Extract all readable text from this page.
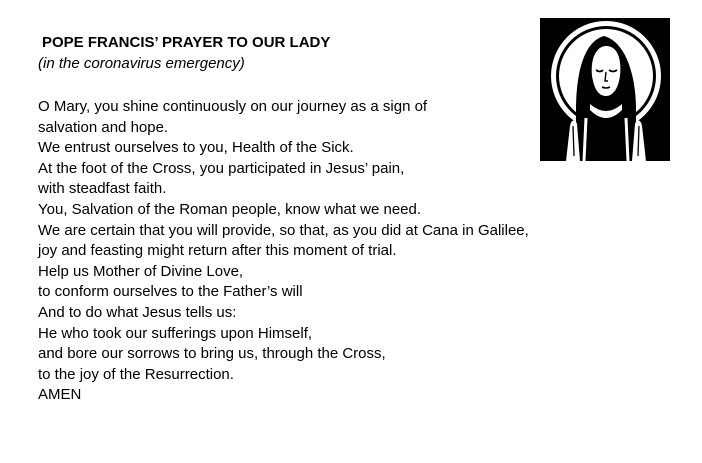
POPE FRANCIS’ PRAYER TO OUR LADY
(in the coronavirus emergency)
O Mary, you shine continuously on our journey as a sign of
salvation and hope.
We entrust ourselves to you, Health of the Sick.
At the foot of the Cross, you participated in Jesus’ pain,
with steadfast faith.
You, Salvation of the Roman people, know what we need.
We are certain that you will provide, so that, as you did at Cana in Galilee,
joy and feasting might return after this moment of trial.
Help us Mother of Divine Love,
to conform ourselves to the Father’s will
And to do what Jesus tells us:
He who took our sufferings upon Himself,
and bore our sorrows to bring us, through the Cross,
to the joy of the Resurrection.
AMEN
